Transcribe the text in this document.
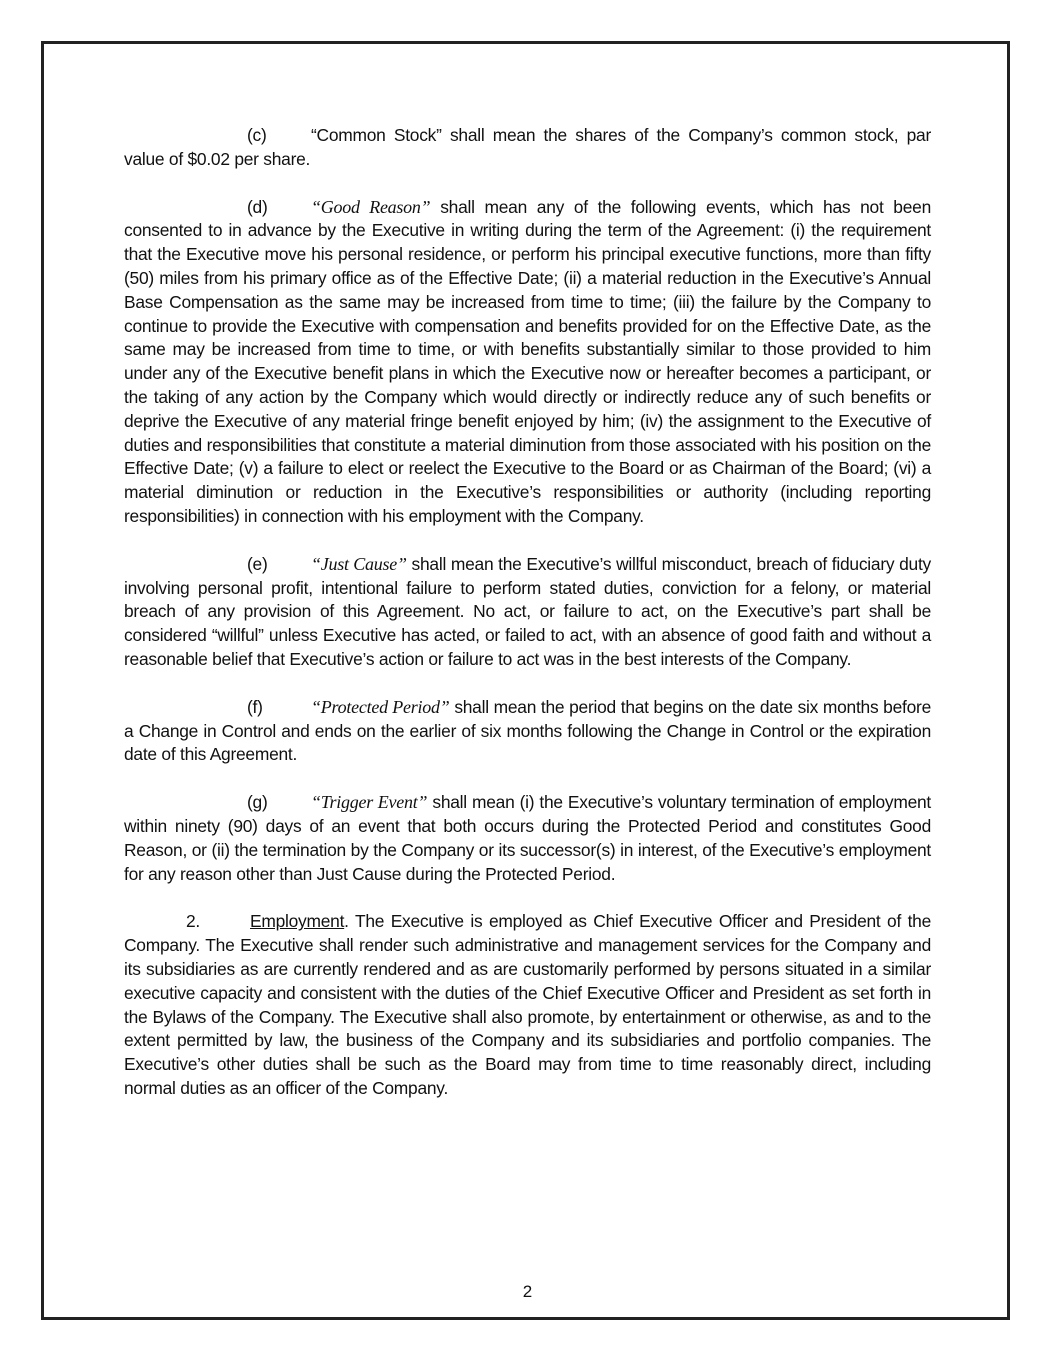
(c)	“Common Stock” shall mean the shares of the Company’s common stock, par value of $0.02 per share.

(d) “Good Reason” shall mean any of the following events, which has not been consented to in advance by the Executive in writing during the term of the Agreement: (i) the requirement that the Executive move his personal residence, or perform his principal executive functions, more than fifty (50) miles from his primary office as of the Effective Date; (ii) a material reduction in the Executive’s Annual Base Compensation as the same may be increased from time to time; (iii) the failure by the Company to continue to provide the Executive with compensation and benefits provided for on the Effective Date, as the same may be increased from time to time, or with benefits substantially similar to those provided to him under any of the Executive benefit plans in which the Executive now or hereafter becomes a participant, or the taking of any action by the Company which would directly or indirectly reduce any of such benefits or deprive the Executive of any material fringe benefit enjoyed by him; (iv) the assignment to the Executive of duties and responsibilities that constitute a material diminution from those associated with his position on the Effective Date; (v) a failure to elect or reelect the Executive to the Board or as Chairman of the Board; (vi) a material diminution or reduction in the Executive’s responsibilities or authority (including reporting responsibilities) in connection with his employment with the Company.

(e) “Just Cause” shall mean the Executive’s willful misconduct, breach of fiduciary duty involving personal profit, intentional failure to perform stated duties, conviction for a felony, or material breach of any provision of this Agreement. No act, or failure to act, on the Executive’s part shall be considered “willful” unless Executive has acted, or failed to act, with an absence of good faith and without a reasonable belief that Executive’s action or failure to act was in the best interests of the Company.

(f)	“Protected Period” shall mean the period that begins on the date six months before a Change in Control and ends on the earlier of six months following the Change in Control or the expiration date of this Agreement.

(g) “Trigger Event” shall mean (i) the Executive’s voluntary termination of employment within ninety (90) days of an event that both occurs during the Protected Period and constitutes Good Reason, or (ii) the termination by the Company or its successor(s) in interest, of the Executive’s employment for any reason other than Just Cause during the Protected Period.

2.	Employment. The Executive is employed as Chief Executive Officer and President of the Company. The Executive shall render such administrative and management services for the Company and its subsidiaries as are currently rendered and as are customarily performed by persons situated in a similar executive capacity and consistent with the duties of the Chief Executive Officer and President as set forth in the Bylaws of the Company. The Executive shall also promote, by entertainment or otherwise, as and to the extent permitted by law, the business of the Company and its subsidiaries and portfolio companies. The Executive’s other duties shall be such as the Board may from time to time reasonably direct, including normal duties as an officer of the Company.

2
